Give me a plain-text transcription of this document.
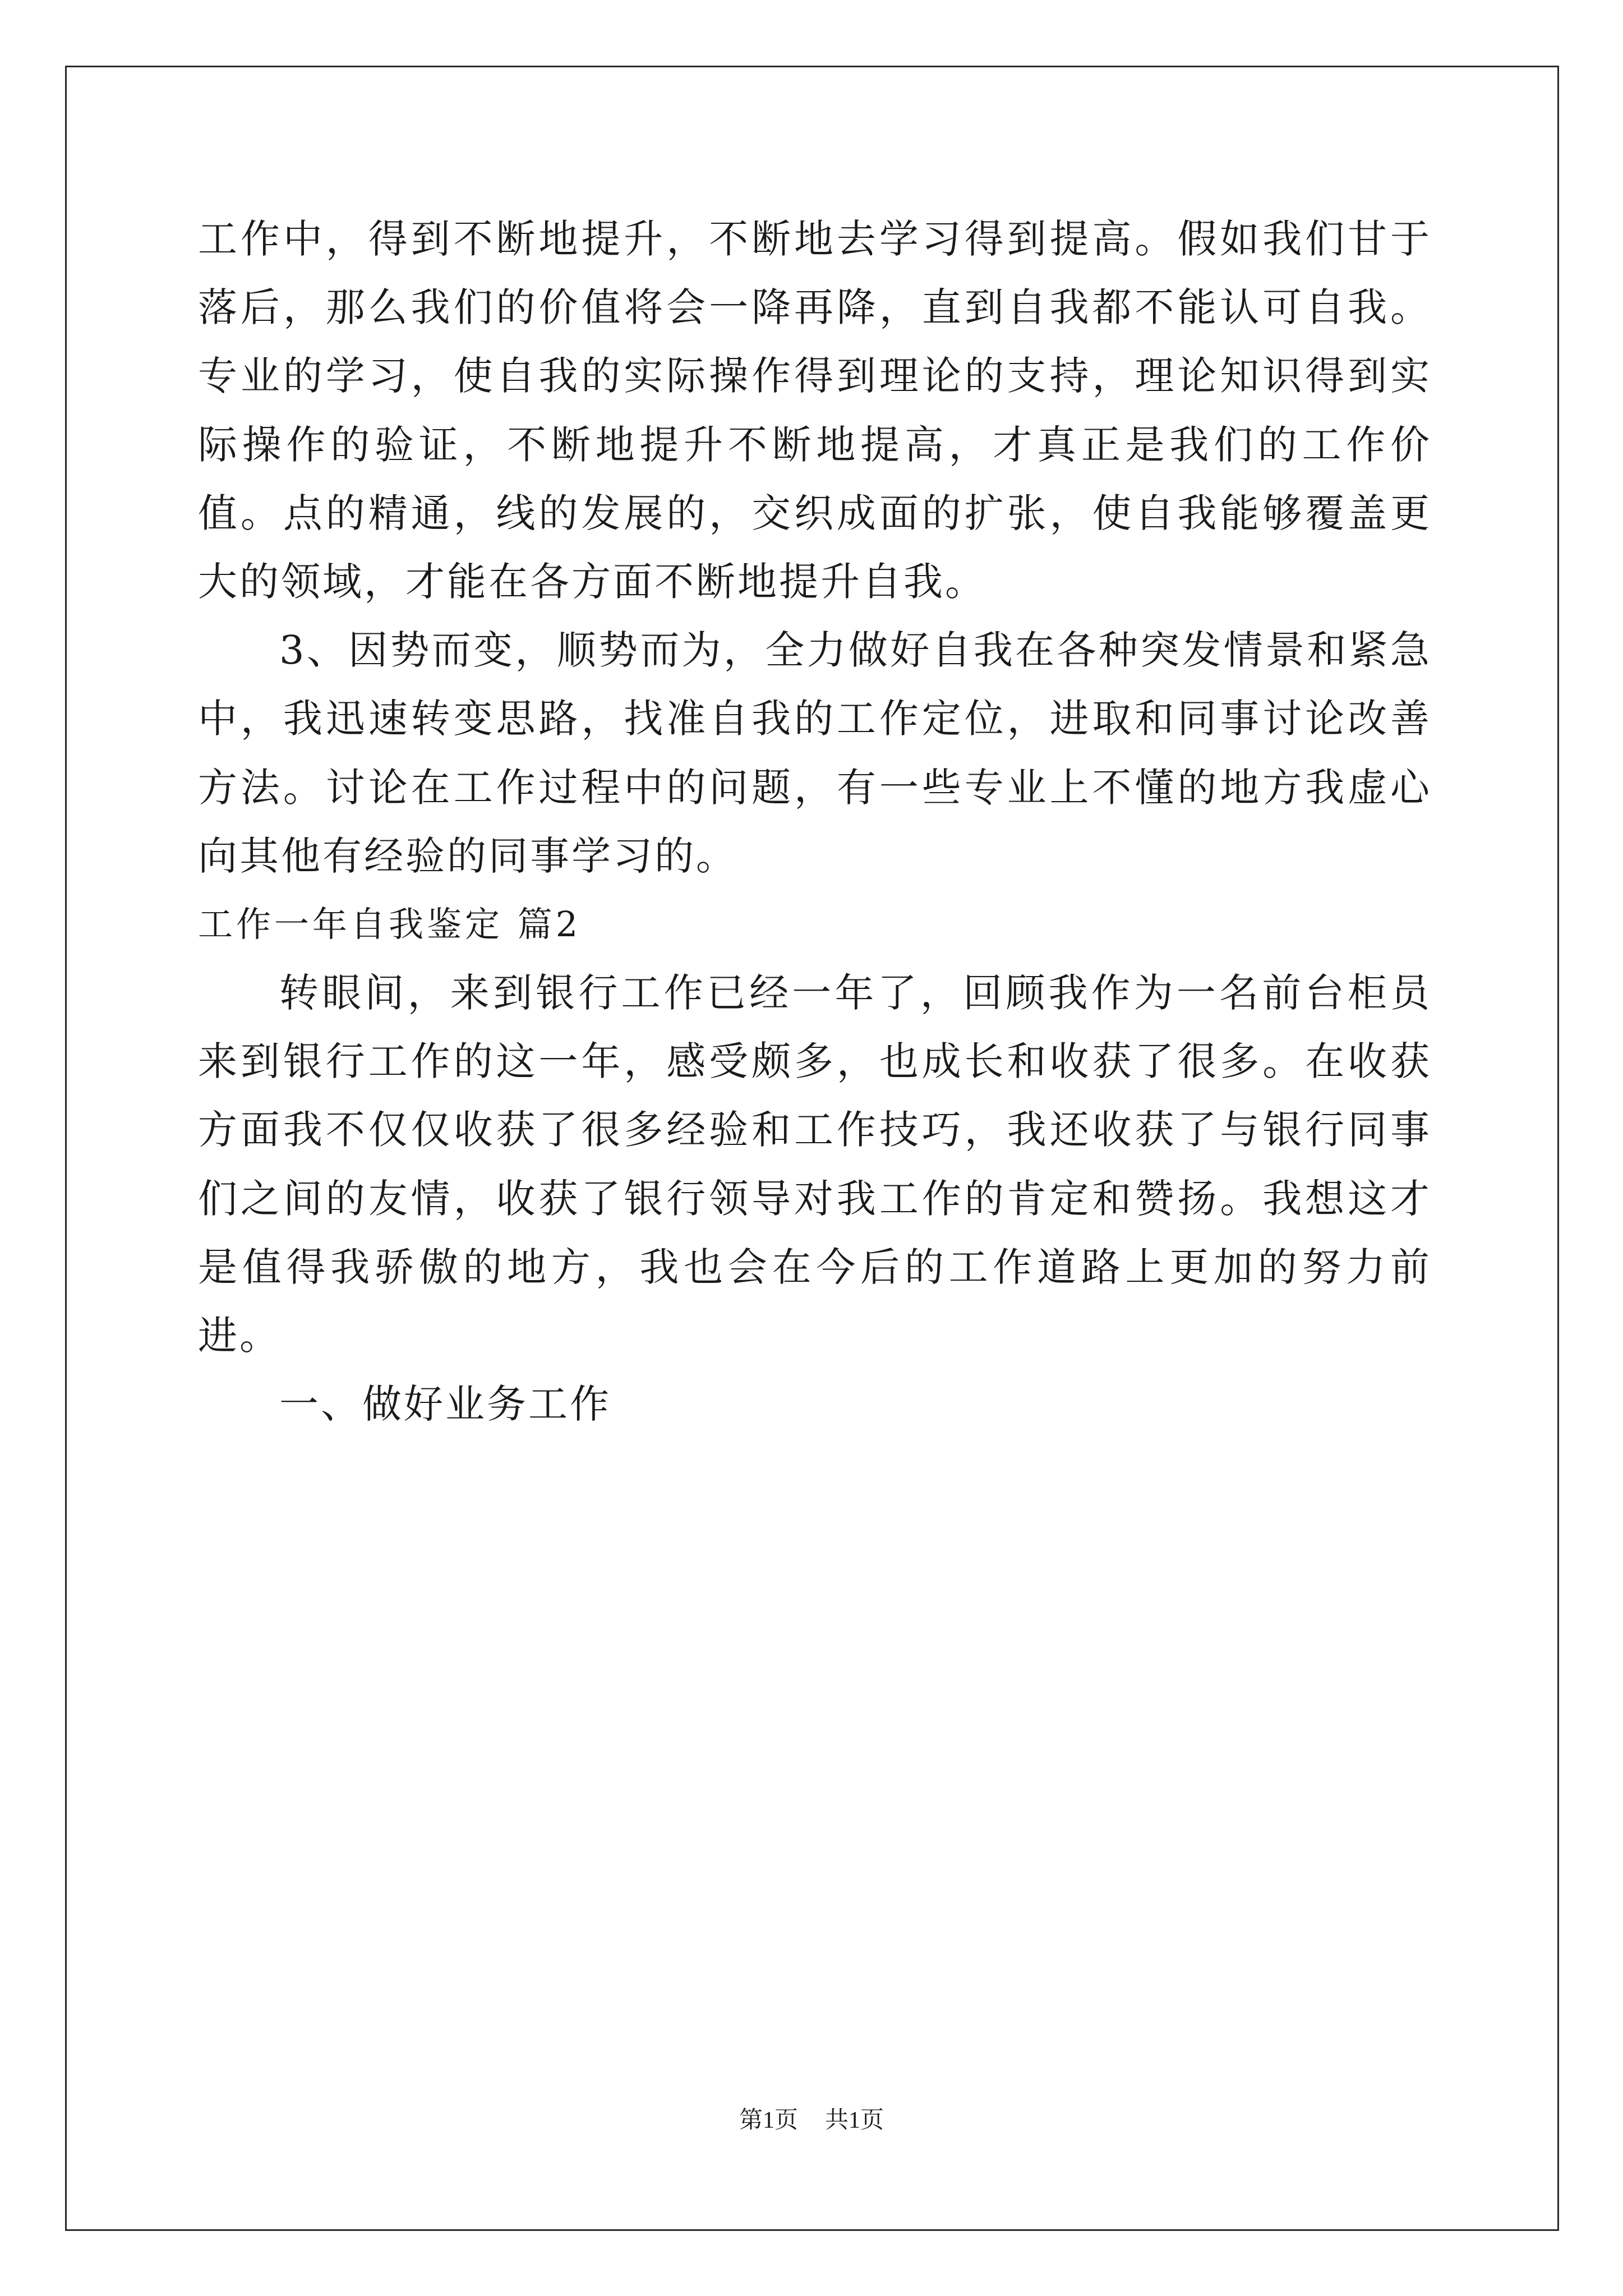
工作中，得到不断地提升，不断地去学习得到提高。假如我们甘于落后，那么我们的价值将会一降再降，直到自我都不能认可自我。专业的学习，使自我的实际操作得到理论的支持，理论知识得到实际操作的验证，不断地提升不断地提高，才真正是我们的工作价值。点的精通，线的发展的，交织成面的扩张，使自我能够覆盖更大的领域，才能在各方面不断地提升自我。

3、因势而变，顺势而为，全力做好自我在各种突发情景和紧急中，我迅速转变思路，找准自我的工作定位，进取和同事讨论改善方法。讨论在工作过程中的问题，有一些专业上不懂的地方我虚心向其他有经验的同事学习的。

工作一年自我鉴定 篇2

转眼间，来到银行工作已经一年了，回顾我作为一名前台柜员来到银行工作的这一年，感受颇多，也成长和收获了很多。在收获方面我不仅仅收获了很多经验和工作技巧，我还收获了与银行同事们之间的友情，收获了银行领导对我工作的肯定和赞扬。我想这才是值得我骄傲的地方，我也会在今后的工作道路上更加的努力前进。

一、做好业务工作

第1页 共1页
